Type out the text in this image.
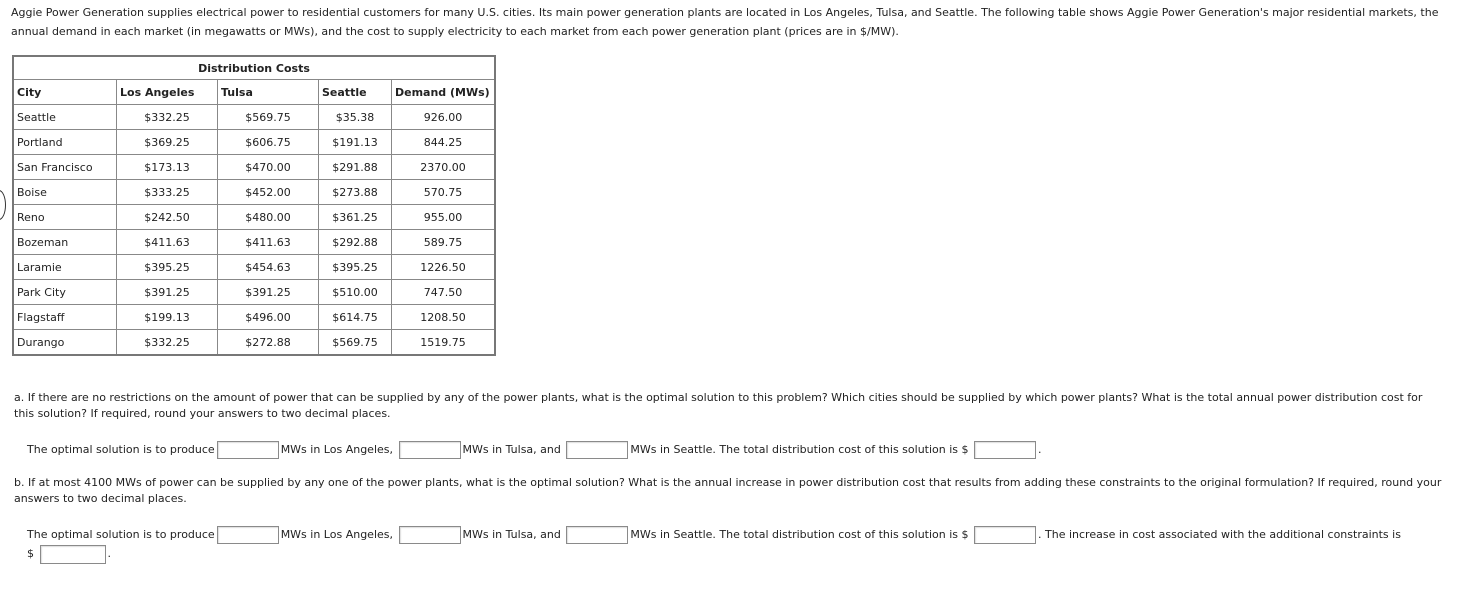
Aggie Power Generation supplies electrical power to residential customers for many U.S. cities. Its main power generation plants are located in Los Angeles, Tulsa, and Seattle. The following table shows Aggie Power Generation's major residential markets, the annual demand in each market (in megawatts or MWs), and the cost to supply electricity to each market from each power generation plant (prices are in $/MW).
	Distribution Costs			
City	Los Angeles	Tulsa	Seattle	Demand (MWs)
Seattle	$332.25	$569.75	$35.38	926.00
Portland	$369.25	$606.75	$191.13	844.25
San Francisco	$173.13	$470.00	$291.88	2370.00
Boise	$333.25	$452.00	$273.88	570.75
Reno	$242.50	$480.00	$361.25	955.00
Bozeman	$411.63	$411.63	$292.88	589.75
Laramie	$395.25	$454.63	$395.25	1226.50
Park City	$391.25	$391.25	$510.00	747.50
Flagstaff	$199.13	$496.00	$614.75	1208.50
Durango	$332.25	$272.88	$569.75	1519.75
a. If there are no restrictions on the amount of power that can be supplied by any of the power plants, what is the optimal solution to this problem? Which cities should be supplied by which power plants? What is the total annual power distribution cost for this solution? If required, round your answers to two decimal places.
The optimal solution is to produce	MWs in Los Angeles,	MWs in Tulsa, and	MWs in Seattle. The total distribution cost of this solution is $	.
b. If at most 4100 MWs of power can be supplied by any one of the power plants, what is the optimal solution? What is the annual increase in power distribution cost that results from adding these constraints to the original formulation? If required, round your answers to two decimal places.
The optimal solution is to produce	MWs in Los Angeles,	MWs in Tulsa, and	MWs in Seattle. The total distribution cost of this solution is $	. The increase in cost associated with the additional constraints is
$	.
